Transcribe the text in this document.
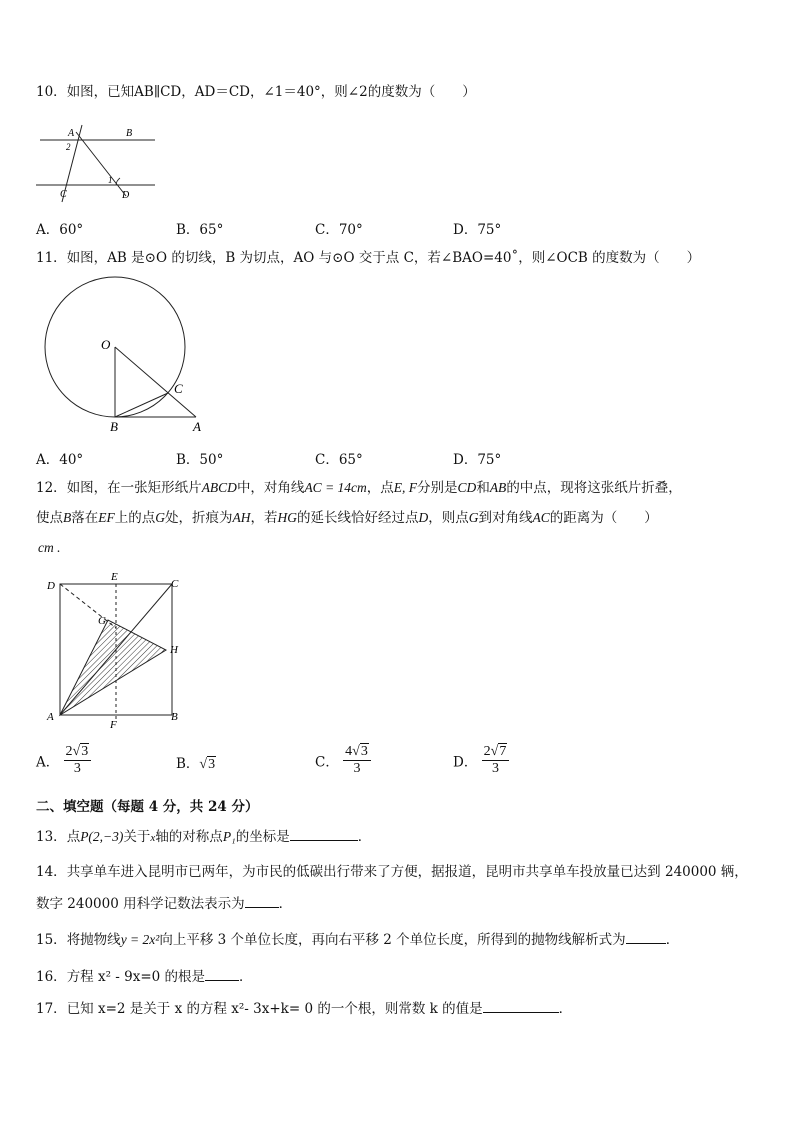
10．如图，已知AB∥CD，AD＝CD，∠1＝40°，则∠2的度数为（　　）
A	B
C	D
1
2
A．60°	B．65°	C．70°	D．75°
11．如图，AB 是⊙O 的切线，B 为切点，AO 与⊙O 交于点 C，若∠BAO=40˚，则∠OCB 的度数为（　　）
O
B
C
A
A．40°	B．50°	C．65°	D．75°
12．如图，在一张矩形纸片ABCD中，对角线AC = 14cm，点E, F分别是CD和AB的中点，现将这张纸片折叠，
使点B落在EF上的点G处，折痕为AH，若HG的延长线恰好经过点D，则点G到对角线AC的距离为（　　）
cm .
D
E
C
G
H
A
F
B
A． $\frac{2√3}{3}$	B．√3	C． $\frac{4√3}{3}$	D． $\frac{2√7}{3}$
二、填空题（每题 4 分，共 24 分）
13．点P(2,−3)关于x轴的对称点P₁的坐标是	．
14．共享单车进入昆明市已两年，为市民的低碳出行带来了方便，据报道，昆明市共享单车投放量已达到 240000 辆，
数字 240000 用科学记数法表示为	．
15．将抛物线y = 2x²向上平移 3 个单位长度，再向右平移 2 个单位长度，所得到的抛物线解析式为	．
16．方程 x² - 9x=0 的根是	．
17．已知 x=2 是关于 x 的方程 x²- 3x+k= 0 的一个根，则常数 k 的值是	．
